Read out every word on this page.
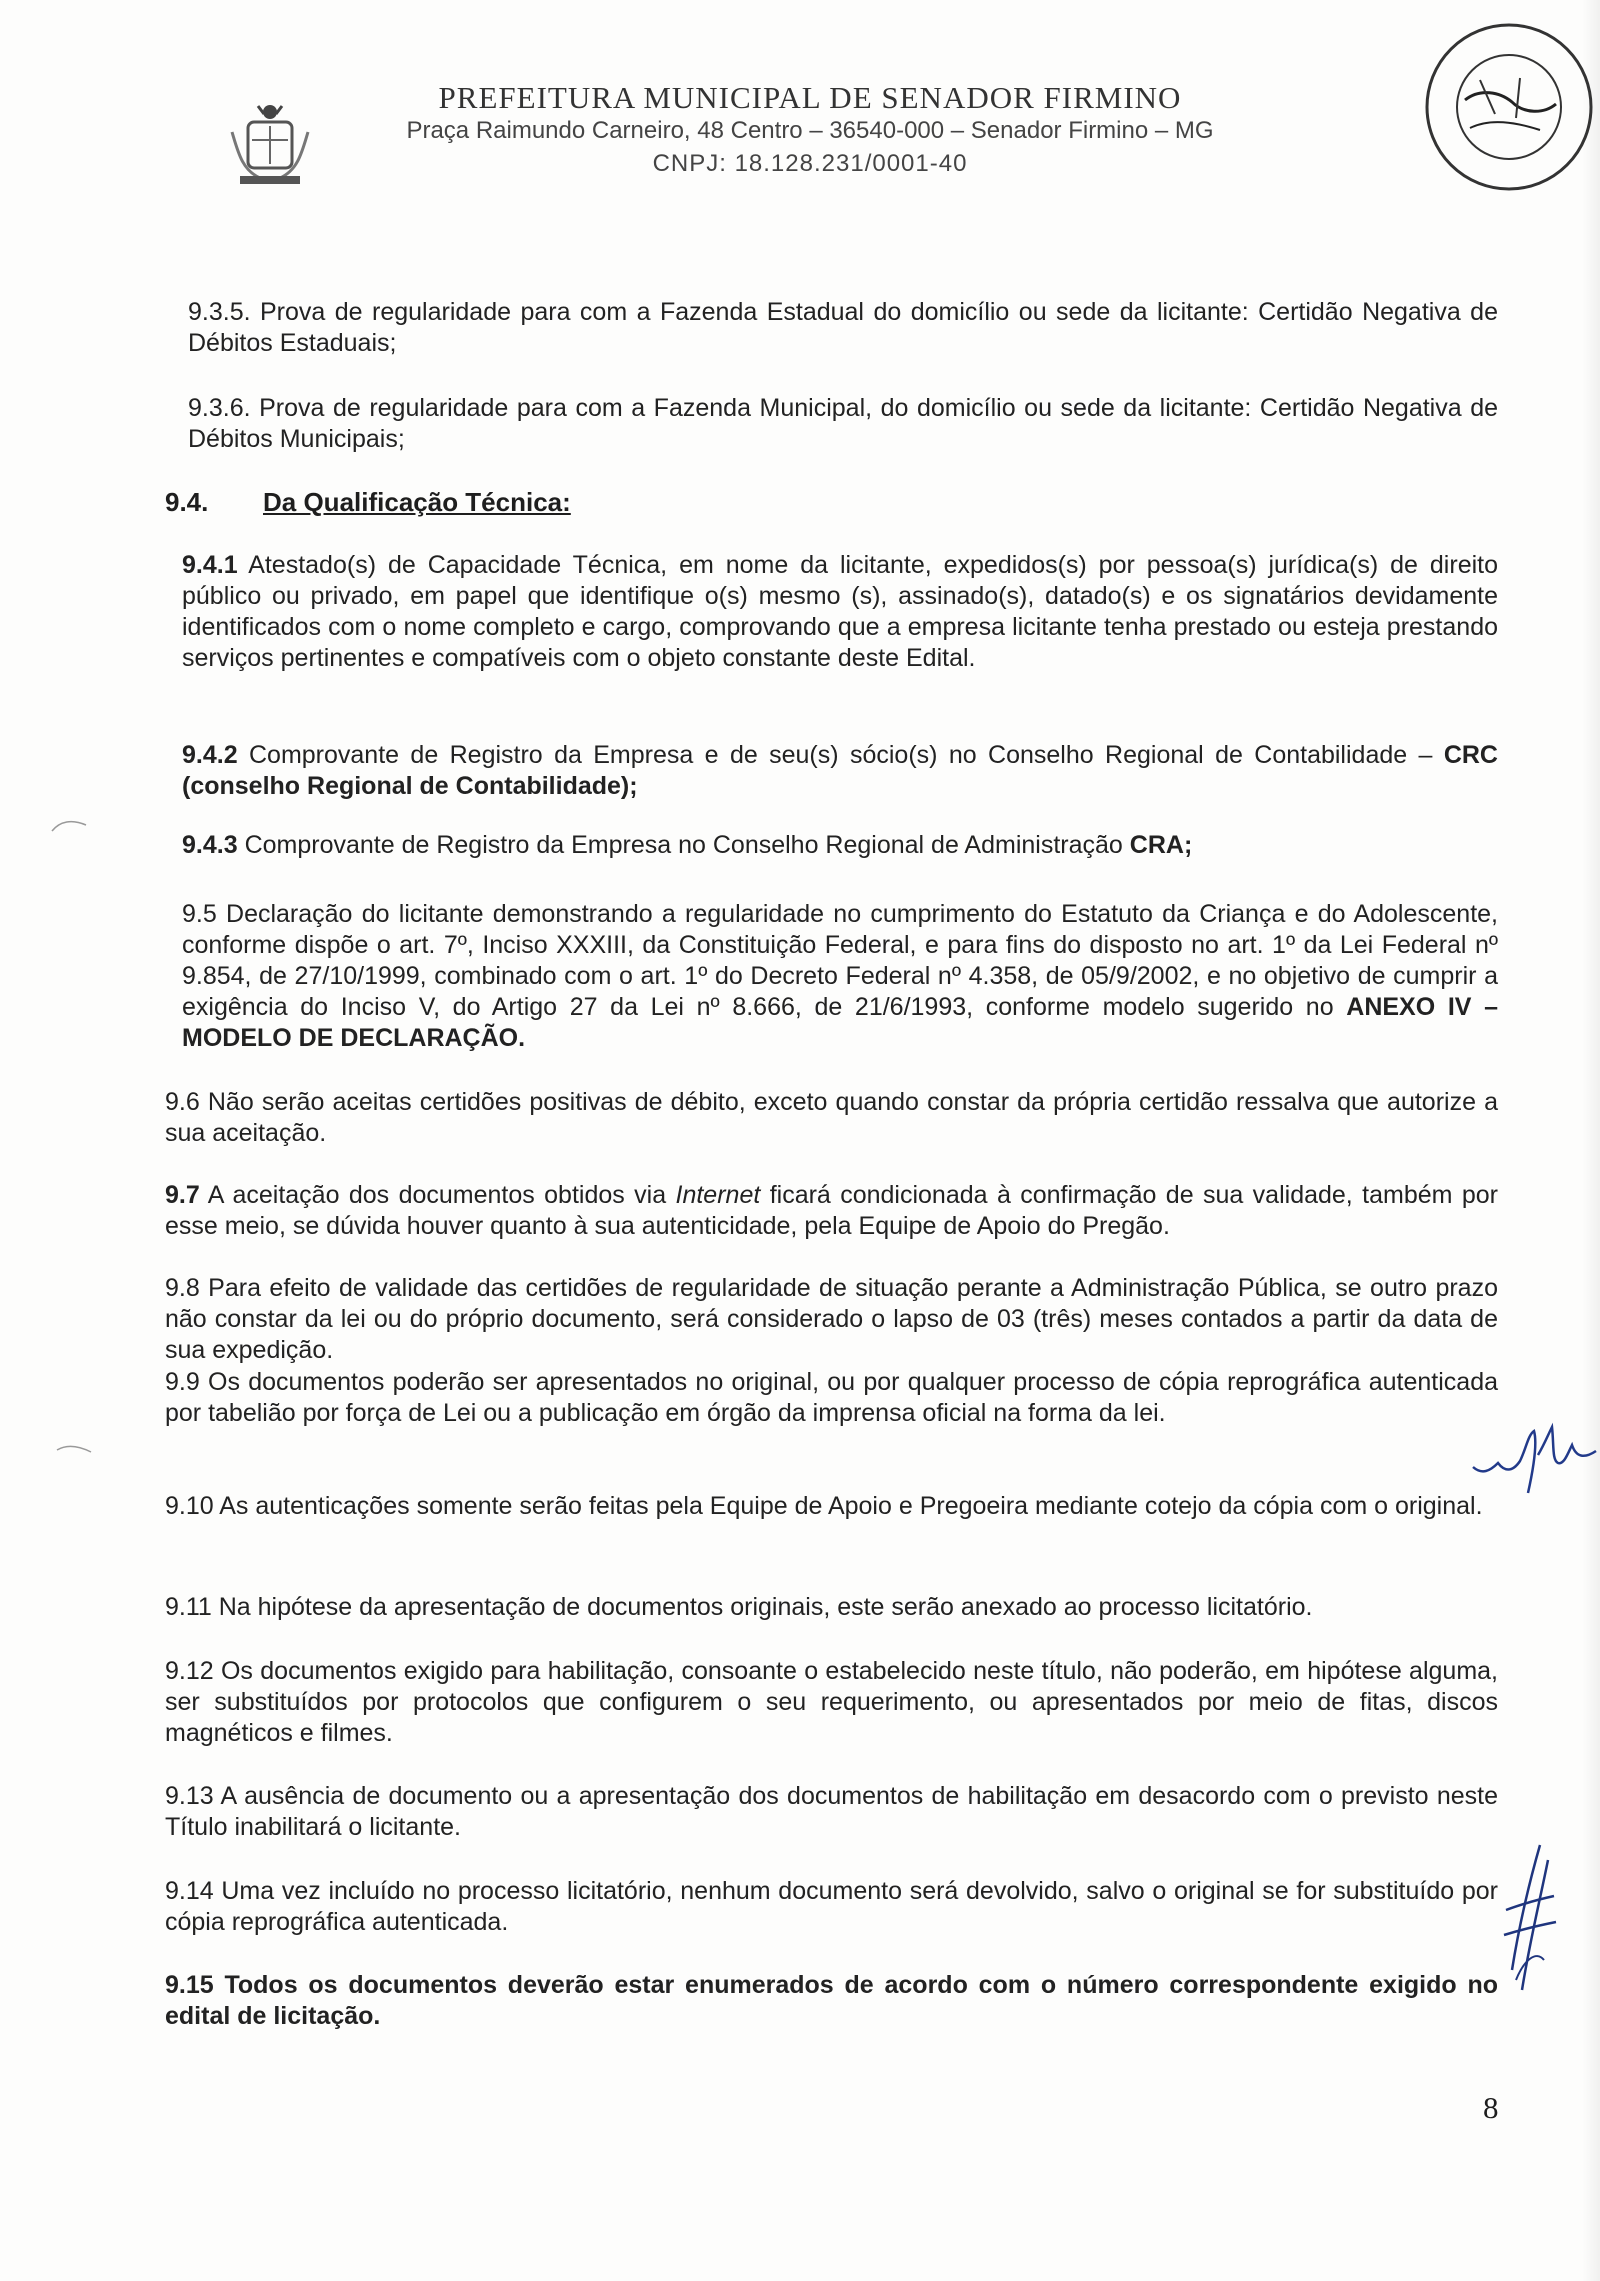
PREFEITURA MUNICIPAL DE SENADOR FIRMINO
Praça Raimundo Carneiro, 48 Centro – 36540-000 – Senador Firmino – MG
CNPJ: 18.128.231/0001-40
9.3.5. Prova de regularidade para com a Fazenda Estadual do domicílio ou sede da licitante: Certidão Negativa de Débitos Estaduais;
9.3.6. Prova de regularidade para com a Fazenda Municipal, do domicílio ou sede da licitante: Certidão Negativa de Débitos Municipais;
9.4. Da Qualificação Técnica:
9.4.1 Atestado(s) de Capacidade Técnica, em nome da licitante, expedidos(s) por pessoa(s) jurídica(s) de direito público ou privado, em papel que identifique o(s) mesmo (s), assinado(s), datado(s) e os signatários devidamente identificados com o nome completo e cargo, comprovando que a empresa licitante tenha prestado ou esteja prestando serviços pertinentes e compatíveis com o objeto constante deste Edital.
9.4.2 Comprovante de Registro da Empresa e de seu(s) sócio(s) no Conselho Regional de Contabilidade – CRC (conselho Regional de Contabilidade);
9.4.3 Comprovante de Registro da Empresa no Conselho Regional de Administração CRA;
9.5 Declaração do licitante demonstrando a regularidade no cumprimento do Estatuto da Criança e do Adolescente, conforme dispõe o art. 7º, Inciso XXXIII, da Constituição Federal, e para fins do disposto no art. 1º da Lei Federal nº 9.854, de 27/10/1999, combinado com o art. 1º do Decreto Federal nº 4.358, de 05/9/2002, e no objetivo de cumprir a exigência do Inciso V, do Artigo 27 da Lei nº 8.666, de 21/6/1993, conforme modelo sugerido no ANEXO IV – MODELO DE DECLARAÇÃO.
9.6 Não serão aceitas certidões positivas de débito, exceto quando constar da própria certidão ressalva que autorize a sua aceitação.
9.7 A aceitação dos documentos obtidos via Internet ficará condicionada à confirmação de sua validade, também por esse meio, se dúvida houver quanto à sua autenticidade, pela Equipe de Apoio do Pregão.
9.8 Para efeito de validade das certidões de regularidade de situação perante a Administração Pública, se outro prazo não constar da lei ou do próprio documento, será considerado o lapso de 03 (três) meses contados a partir da data de sua expedição.
9.9 Os documentos poderão ser apresentados no original, ou por qualquer processo de cópia reprográfica autenticada por tabelião por força de Lei ou a publicação em órgão da imprensa oficial na forma da lei.
9.10 As autenticações somente serão feitas pela Equipe de Apoio e Pregoeira mediante cotejo da cópia com o original.
9.11 Na hipótese da apresentação de documentos originais, este serão anexado ao processo licitatório.
9.12 Os documentos exigido para habilitação, consoante o estabelecido neste título, não poderão, em hipótese alguma, ser substituídos por protocolos que configurem o seu requerimento, ou apresentados por meio de fitas, discos magnéticos e filmes.
9.13 A ausência de documento ou a apresentação dos documentos de habilitação em desacordo com o previsto neste Título inabilitará o licitante.
9.14 Uma vez incluído no processo licitatório, nenhum documento será devolvido, salvo o original se for substituído por cópia reprográfica autenticada.
9.15 Todos os documentos deverão estar enumerados de acordo com o número correspondente exigido no edital de licitação.
8
